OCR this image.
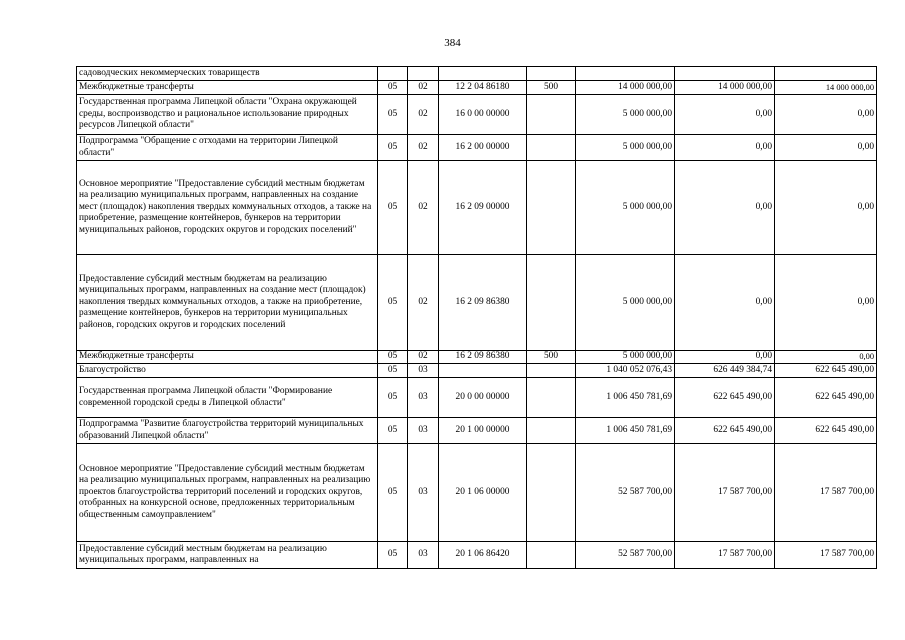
384
садоводческих некоммерческих товариществ							
Межбюджетные трансферты	05	02	12 2 04 86180	500	14 000 000,00	14 000 000,00	14 000 000,00
Государственная программа Липецкой области "Охрана окружающей среды, воспроизводство и рациональное использование природных ресурсов Липецкой области"	05	02	16 0 00 00000		5 000 000,00	0,00	0,00
Подпрограмма "Обращение с отходами на территории Липецкой области"	05	02	16 2 00 00000		5 000 000,00	0,00	0,00
Основное мероприятие "Предоставление субсидий местным бюджетам на реализацию муниципальных программ, направленных на создание мест (площадок) накопления твердых коммунальных отходов, а также на приобретение, размещение контейнеров, бункеров на территории муниципальных районов, городских округов и городских поселений"	05	02	16 2 09 00000		5 000 000,00	0,00	0,00
Предоставление субсидий местным бюджетам на реализацию муниципальных программ, направленных на создание мест (площадок) накопления твердых коммунальных отходов, а также на приобретение, размещение контейнеров, бункеров на территории муниципальных районов, городских округов и городских поселений	05	02	16 2 09 86380		5 000 000,00	0,00	0,00
Межбюджетные трансферты	05	02	16 2 09 86380	500	5 000 000,00	0,00	0,00
Благоустройство	05	03			1 040 052 076,43	626 449 384,74	622 645 490,00
Государственная программа Липецкой области "Формирование современной городской среды в Липецкой области"	05	03	20 0 00 00000		1 006 450 781,69	622 645 490,00	622 645 490,00
Подпрограмма "Развитие благоустройства территорий муниципальных образований Липецкой области"	05	03	20 1 00 00000		1 006 450 781,69	622 645 490,00	622 645 490,00
Основное мероприятие "Предоставление субсидий местным бюджетам на реализацию муниципальных программ, направленных на реализацию проектов благоустройства территорий поселений и городских округов, отобранных на конкурсной основе, предложенных территориальным общественным самоуправлением"	05	03	20 1 06 00000		52 587 700,00	17 587 700,00	17 587 700,00
Предоставление субсидий местным бюджетам на реализацию муниципальных программ, направленных на	05	03	20 1 06 86420		52 587 700,00	17 587 700,00	17 587 700,00
